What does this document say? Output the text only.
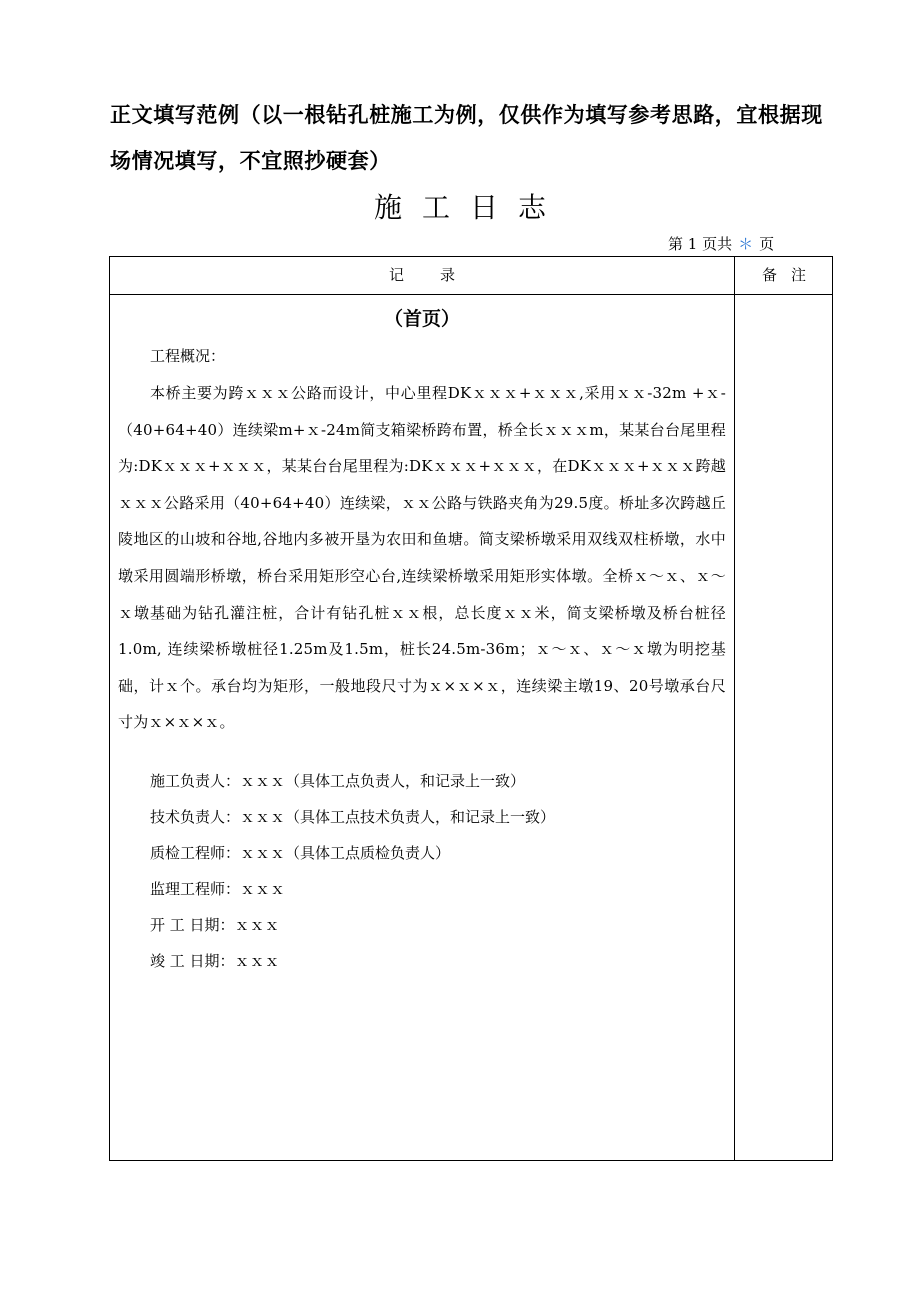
正文填写范例（以一根钻孔桩施工为例，仅供作为填写参考思路，宜根据现
场情况填写，不宜照抄硬套）
施工日志
第 1 页共 ＊ 页
记录	备注
（首页）
工程概况：
本桥主要为跨ｘｘｘ公路而设计，中心里程DKｘｘｘ+ｘｘｘ,采用ｘｘ-32m +ｘ-（40+64+40）连续梁m+ｘ-24m简支箱梁桥跨布置，桥全长ｘｘｘm，某某台台尾里程为:DKｘｘｘ+ｘｘｘ，某某台台尾里程为:DKｘｘｘ+ｘｘｘ，在DKｘｘｘ+ｘｘｘ跨越ｘｘｘ公路采用（40+64+40）连续梁，ｘｘ公路与铁路夹角为29.5度。桥址多次跨越丘陵地区的山坡和谷地,谷地内多被开垦为农田和鱼塘。简支梁桥墩采用双线双柱桥墩，水中墩采用圆端形桥墩，桥台采用矩形空心台,连续梁桥墩采用矩形实体墩。全桥ｘ～ｘ、ｘ～ｘ墩基础为钻孔灌注桩，合计有钻孔桩ｘｘ根，总长度ｘｘ米，简支梁桥墩及桥台桩径1.0m, 连续梁桥墩桩径1.25m及1.5m，桩长24.5m-36m；ｘ～ｘ、ｘ～ｘ墩为明挖基础，计ｘ个。承台均为矩形，一般地段尺寸为ｘ×ｘ×ｘ，连续梁主墩19、20号墩承台尺寸为ｘ×ｘ×ｘ。
施工负责人：ｘｘｘ（具体工点负责人，和记录上一致）
技术负责人：ｘｘｘ（具体工点技术负责人，和记录上一致）
质检工程师：ｘｘｘ（具体工点质检负责人）
监理工程师：ｘｘｘ
开 工 日期：ｘｘｘ
竣 工 日期：ｘｘｘ
